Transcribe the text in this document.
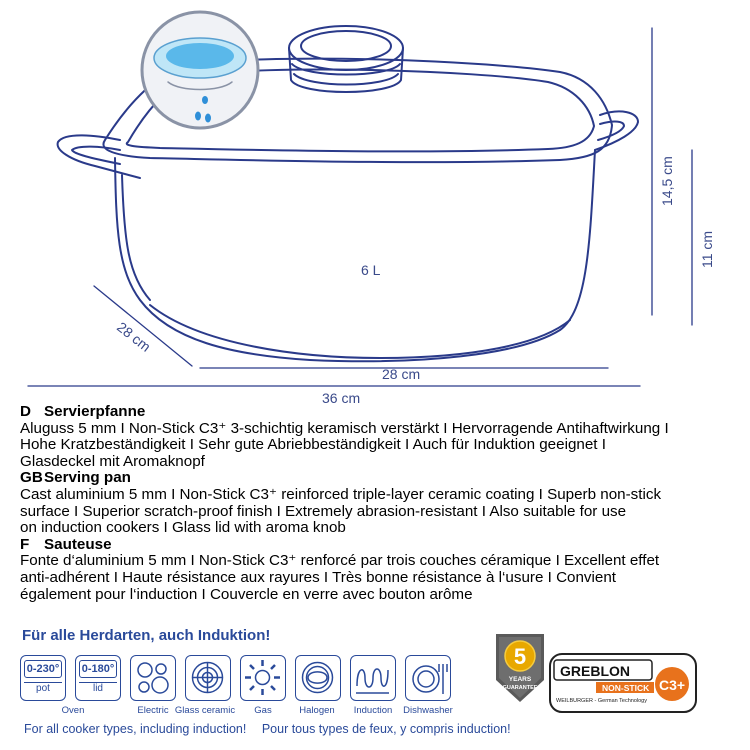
6 L
28 cm
28 cm
36 cm
14,5 cm
11 cm
D Servierpfanne
Aluguss 5 mm I Non-Stick C3⁺ 3-schichtig keramisch verstärkt I Hervorragende Antihaftwirkung I
Hohe Kratzbeständigkeit I Sehr gute Abriebbeständigkeit I Auch für Induktion geeignet I
Glasdeckel mit Aromaknopf
GBServing pan
Cast aluminium 5 mm I Non-Stick C3⁺ reinforced triple-layer ceramic coating I Superb non-stick
surface I Superior scratch-proof finish I Extremely abrasion-resistant I Also suitable for use
on induction cookers I Glass lid with aroma knob
F Sauteuse
Fonte d‘aluminium 5 mm I Non-Stick C3⁺ renforcé par trois couches céramique I Excellent effet
anti-adhérent I Haute résistance aux rayures I Très bonne résistance à l‘usure I Convient
également pour l‘induction I Couvercle en verre avec bouton arôme
Für alle Herdarten, auch Induktion!
0-230°
pot
0-180°
lid
Oven	Electric Glass ceramic	Gas	Halogen	Induction	Dishwasher
5
YEARS
GUARANTEE
GREBLON
NON-STICK
WEILBURGER - German Technology
C3+
For all cooker types, including induction! Pour tous types de feux, y compris induction!
